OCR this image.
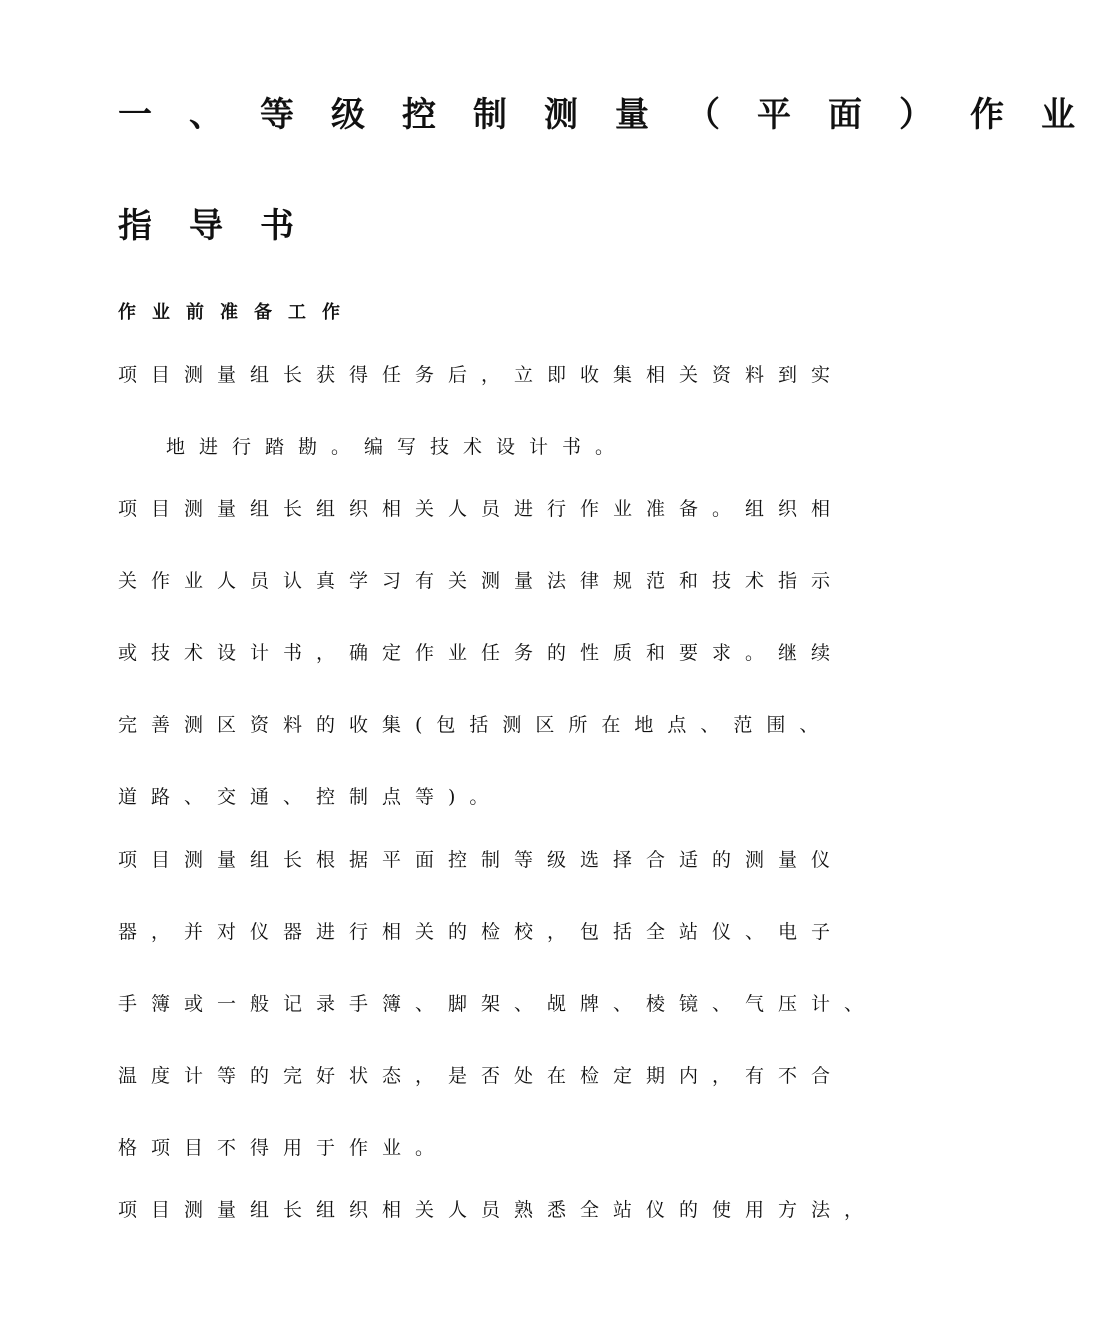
一、等级控制测量（平面）作业
指导书
作业前准备工作

项目测量组长获得任务后，立即收集相关资料到实

地进行踏勘。编写技术设计书。

项目测量组长组织相关人员进行作业准备。组织相

关作业人员认真学习有关测量法律规范和技术指示

或技术设计书，确定作业任务的性质和要求。继续

完善测区资料的收集(包括测区所在地点、范围、

道路、交通、控制点等)。

项目测量组长根据平面控制等级选择合适的测量仪

器，并对仪器进行相关的检校，包括全站仪、电子

手簿或一般记录手簿、脚架、觇牌、棱镜、气压计、

温度计等的完好状态，是否处在检定期内，有不合

格项目不得用于作业。

项目测量组长组织相关人员熟悉全站仪的使用方法，
